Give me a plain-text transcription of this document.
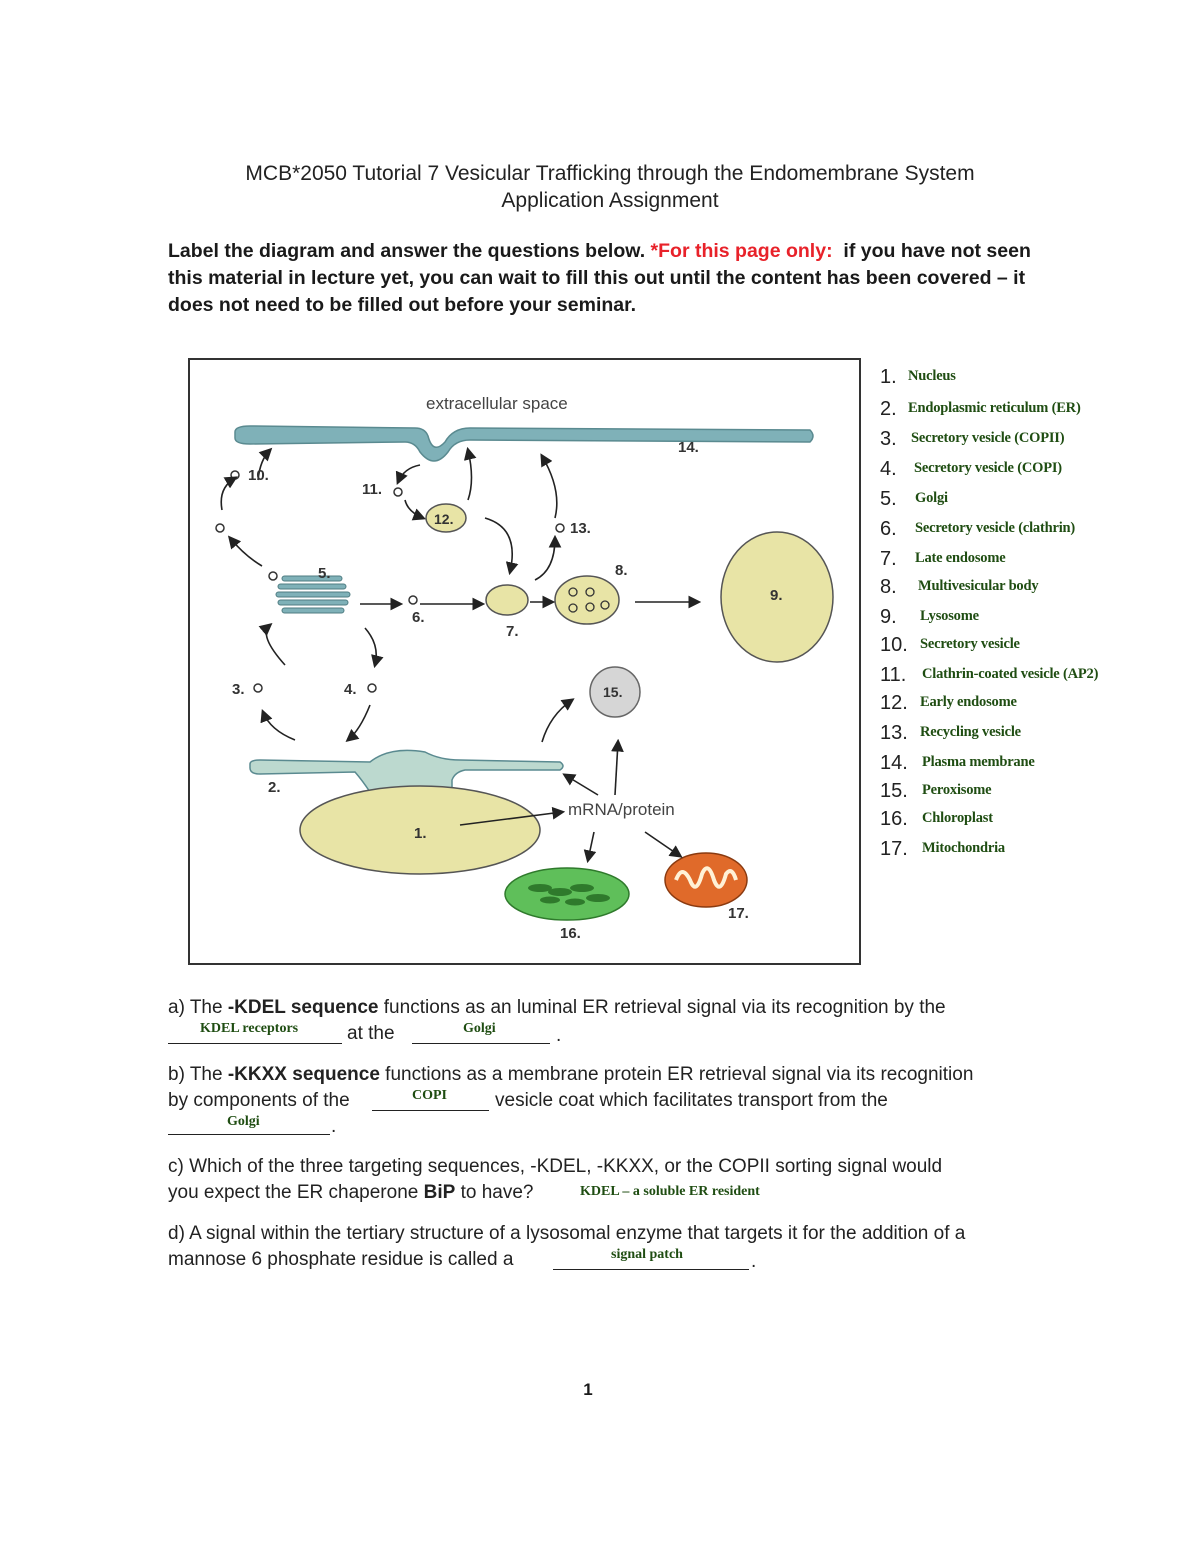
MCB*2050 Tutorial 7 Vesicular Trafficking through the Endomembrane System
Application Assignment
Label the diagram and answer the questions below. *For this page only: if you have not seen this material in lecture yet, you can wait to fill this out until the content has been covered – it does not need to be filled out before your seminar.
1.
2.
3.	4.
5.
6.
7.
8.
9.
10.
11.
12.
13.
14.
15.
16.
17.
extracellular space
mRNA/protein
1. Nucleus
2. Endoplasmic reticulum (ER)
3. Secretory vesicle (COPII)
4. Secretory vesicle (COPI)
5. Golgi
6. Secretory vesicle (clathrin)
7. Late endosome
8. Multivesicular body
9. Lysosome
10. Secretory vesicle
11. Clathrin-coated vesicle (AP2)
12. Early endosome
13. Recycling vesicle
14. Plasma membrane
15. Peroxisome
16. Chloroplast
17. Mitochondria
a) The -KDEL sequence functions as an luminal ER retrieval signal via its recognition by the
KDEL receptors	at the	Golgi	.
b) The -KKXX sequence functions as a membrane protein ER retrieval signal via its recognition
by components of the	COPI	vesicle coat which facilitates transport from the
Golgi	.
c) Which of the three targeting sequences, -KDEL, -KKXX, or the COPII sorting signal would
you expect the ER chaperone BiP to have?	KDEL – a soluble ER resident
d) A signal within the tertiary structure of a lysosomal enzyme that targets it for the addition of a
mannose 6 phosphate residue is called a	signal patch	.
1
